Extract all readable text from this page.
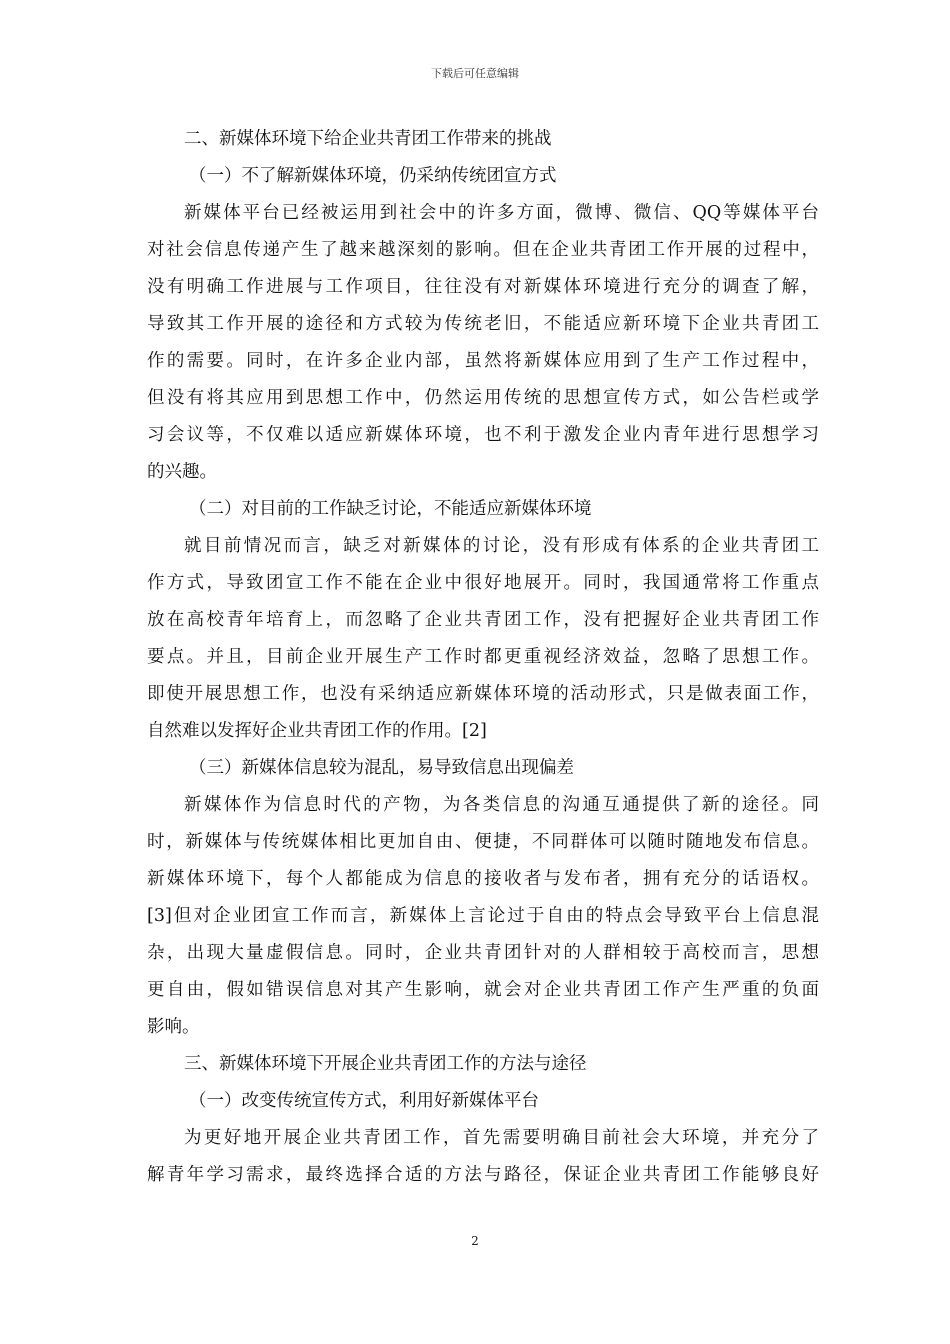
下载后可任意编辑
二、新媒体环境下给企业共青团工作带来的挑战
（一）不了解新媒体环境，仍采纳传统团宣方式
新媒体平台已经被运用到社会中的许多方面，微博、微信、QQ等媒体平台
对社会信息传递产生了越来越深刻的影响。但在企业共青团工作开展的过程中，
没有明确工作进展与工作项目，往往没有对新媒体环境进行充分的调查了解，
导致其工作开展的途径和方式较为传统老旧，不能适应新环境下企业共青团工
作的需要。同时，在许多企业内部，虽然将新媒体应用到了生产工作过程中，
但没有将其应用到思想工作中，仍然运用传统的思想宣传方式，如公告栏或学
习会议等，不仅难以适应新媒体环境，也不利于激发企业内青年进行思想学习
的兴趣。
（二）对目前的工作缺乏讨论，不能适应新媒体环境
就目前情况而言，缺乏对新媒体的讨论，没有形成有体系的企业共青团工
作方式，导致团宣工作不能在企业中很好地展开。同时，我国通常将工作重点
放在高校青年培育上，而忽略了企业共青团工作，没有把握好企业共青团工作
要点。并且，目前企业开展生产工作时都更重视经济效益，忽略了思想工作。
即使开展思想工作，也没有采纳适应新媒体环境的活动形式，只是做表面工作，
自然难以发挥好企业共青团工作的作用。[2]
（三）新媒体信息较为混乱，易导致信息出现偏差
新媒体作为信息时代的产物，为各类信息的沟通互通提供了新的途径。同
时，新媒体与传统媒体相比更加自由、便捷，不同群体可以随时随地发布信息。
新媒体环境下，每个人都能成为信息的接收者与发布者，拥有充分的话语权。
[3]但对企业团宣工作而言，新媒体上言论过于自由的特点会导致平台上信息混
杂，出现大量虚假信息。同时，企业共青团针对的人群相较于高校而言，思想
更自由，假如错误信息对其产生影响，就会对企业共青团工作产生严重的负面
影响。
三、新媒体环境下开展企业共青团工作的方法与途径
（一）改变传统宣传方式，利用好新媒体平台
为更好地开展企业共青团工作，首先需要明确目前社会大环境，并充分了
解青年学习需求，最终选择合适的方法与路径，保证企业共青团工作能够良好
2
